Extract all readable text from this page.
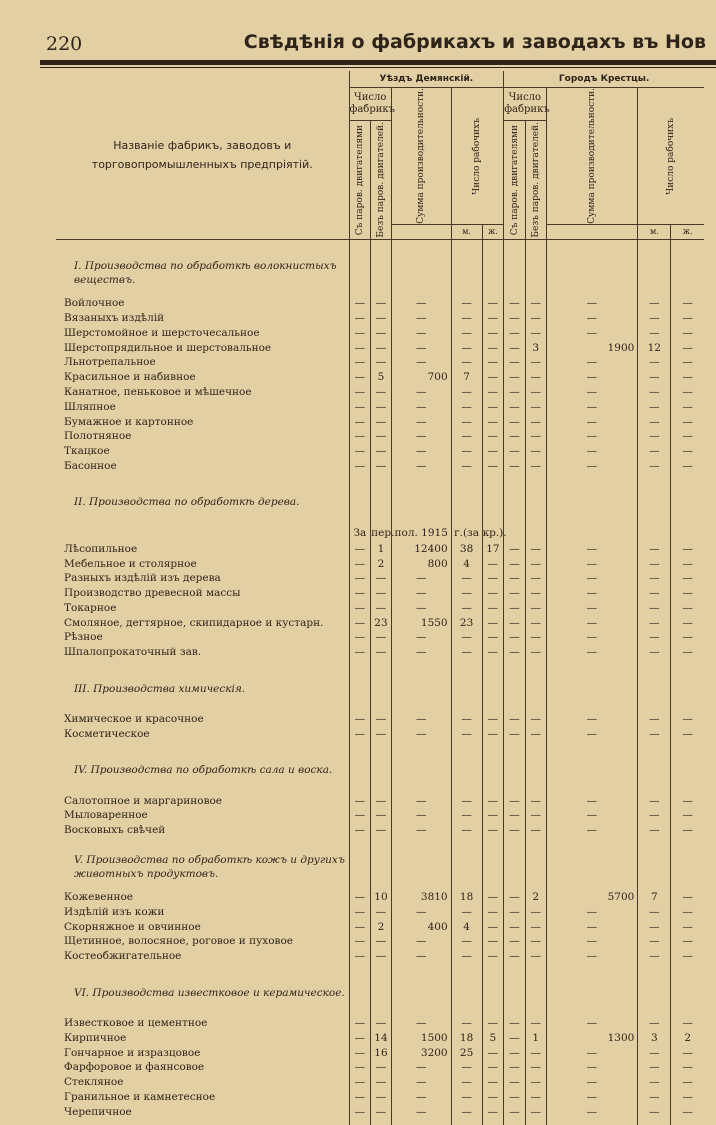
220	Свѣдѣнія о фабрикахъ и заводахъ въ Нов
Названіе фабрикъ, заводовъ и торговопромышленныхъ предпріятій.	Уѣздъ Демянскій.					Городъ Крестцы.				
	Число фабрикъ		Сумма производительности.	Число рабочихъ		Число фабрикъ		Сумма производительности.	Число рабочихъ	

	Съ паров. двигателями	Безъ паров. двигателей.				Съ паров. двигателями	Безъ паров. двигателей.			

				м.	ж.				м.	ж.

I. Производства по обработкѣ волокнистыхъ веществъ.										
Войлочное	—	—	—	—	—	—	—	—	—	—
Вязаныхъ издѣлій	—	—	—	—	—	—	—	—	—	—
Шерстомойное и шерсточесальное	—	—	—	—	—	—	—	—	—	—
Шерстопрядильное и шерстовальное	—	—	—	—	—	—	3	1900	12	—
Льнотрепальное	—	—	—	—	—	—	—	—	—	—
Красильное и набивное	—	5	700	7	—	—	—	—	—	—
Канатное, пеньковое и мѣшечное	—	—	—	—	—	—	—	—	—	—
Шляпное	—	—	—	—	—	—	—	—	—	—
Бумажное и картонное	—	—	—	—	—	—	—	—	—	—
Полотняное	—	—	—	—	—	—	—	—	—	—
Ткацкое	—	—	—	—	—	—	—	—	—	—
Басонное	—	—	—	—	—	—	—	—	—	—

II. Производства по обработкѣ дерева.										
	За	пер.	пол. 1915	г.(за	кр.).					
Лѣсопильное	—	1	12400	38	17	—	—	—	—	—
Мебельное и столярное	—	2	800	4	—	—	—	—	—	—
Разныхъ издѣлій изъ дерева	—	—	—	—	—	—	—	—	—	—
Производство древесной массы	—	—	—	—	—	—	—	—	—	—
Токарное	—	—	—	—	—	—	—	—	—	—
Смоляное, дегтярное, скипидарное и кустарн.	—	23	1550	23	—	—	—	—	—	—
Рѣзное	—	—	—	—	—	—	—	—	—	—
Шпалопрокаточный зав.	—	—	—	—	—	—	—	—	—	—

III. Производства химическія.										
Химическое и красочное	—	—	—	—	—	—	—	—	—	—
Косметическое	—	—	—	—	—	—	—	—	—	—

IV. Производства по обработкѣ сала и воска.										
Салотопное и маргариновое	—	—	—	—	—	—	—	—	—	—
Мыловаренное	—	—	—	—	—	—	—	—	—	—
Восковыхъ свѣчей	—	—	—	—	—	—	—	—	—	—

V. Производства по обработкѣ кожъ и другихъ животныхъ продуктовъ.										
Кожевенное	—	10	3810	18	—	—	2	5700	7	—
Издѣлій изъ кожи	—	—	—	—	—	—	—	—	—	—
Скорняжное и овчинное	—	2	400	4	—	—	—	—	—	—
Щетинное, волосяное, роговое и пуховое	—	—	—	—	—	—	—	—	—	—
Костеобжигательное	—	—	—	—	—	—	—	—	—	—

VI. Производства известковое и керамическое.										
Известковое и цементное	—	—	—	—	—	—	—	—	—	—
Кирпичное	—	14	1500	18	5	—	1	1300	3	2
Гончарное и изразцовое	—	16	3200	25	—	—	—	—	—	—
Фарфоровое и фаянсовое	—	—	—	—	—	—	—	—	—	—
Стекляное	—	—	—	—	—	—	—	—	—	—
Гранильное и камнетесное	—	—	—	—	—	—	—	—	—	—
Черепичное	—	—	—	—	—	—	—	—	—	—
